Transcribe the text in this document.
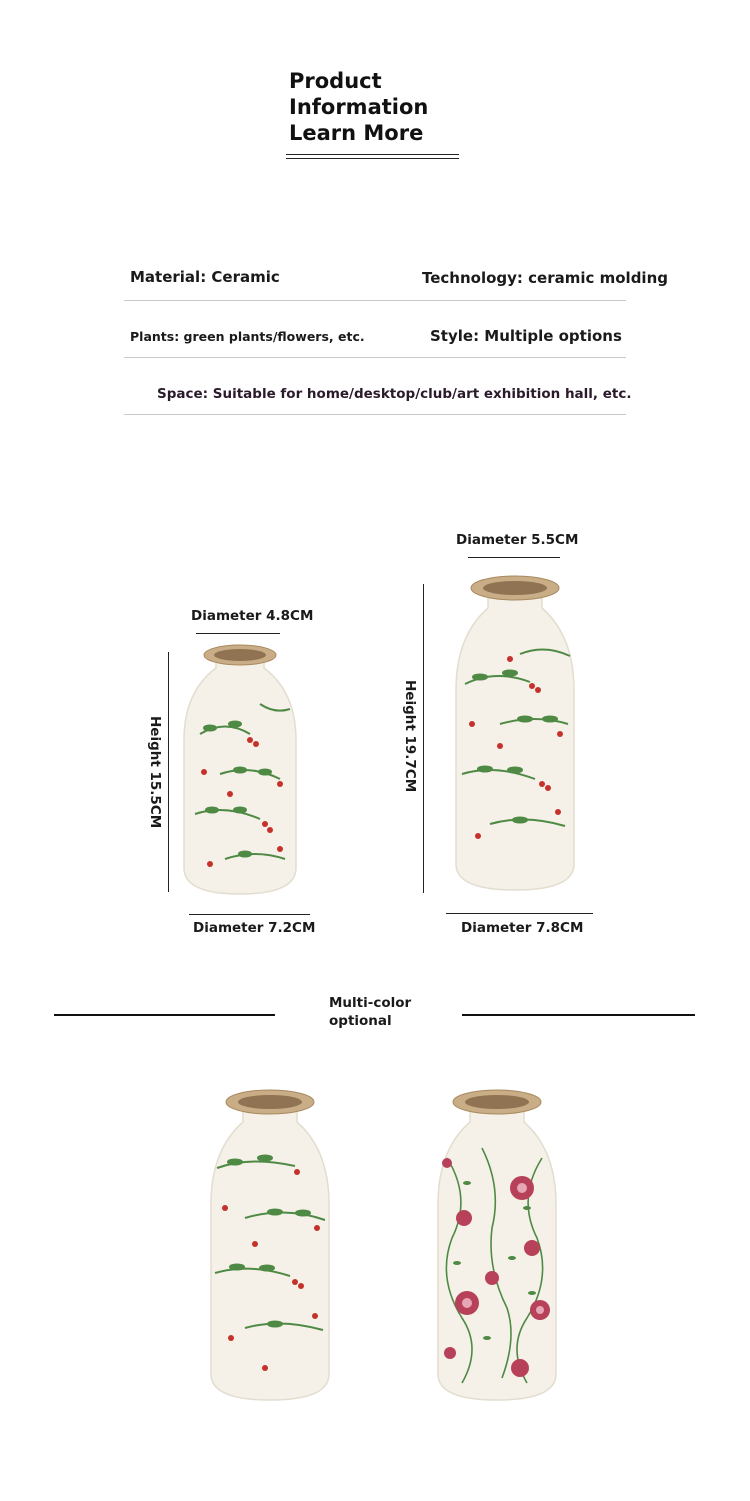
Product
Information
Learn More
Material: Ceramic	Technology: ceramic molding
Plants: green plants/flowers, etc.	Style: Multiple options
Space: Suitable for home/desktop/club/art exhibition hall, etc.
Diameter 4.8CM
Height 15.5CM
Diameter 7.2CM
Diameter 5.5CM
Height 19.7CM
Diameter 7.8CM
Multi-color
optional
